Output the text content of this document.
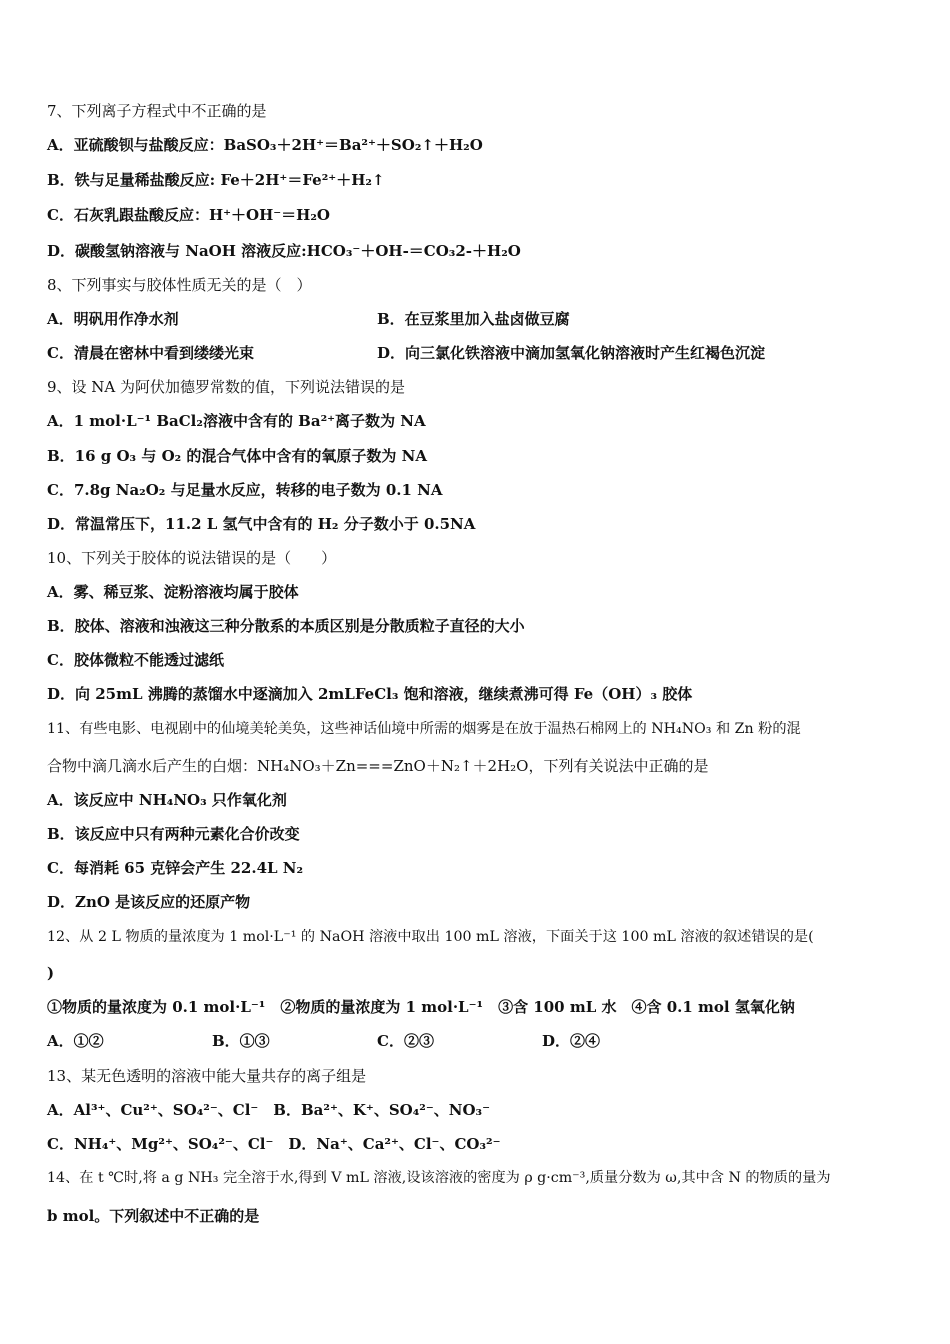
7、下列离子方程式中不正确的是
A．亚硫酸钡与盐酸反应：BaSO₃＋2H⁺＝Ba²⁺＋SO₂↑＋H₂O
B．铁与足量稀盐酸反应: Fe＋2H⁺＝Fe²⁺＋H₂↑
C．石灰乳跟盐酸反应：H⁺＋OH⁻＝H₂O
D．碳酸氢钠溶液与 NaOH 溶液反应:HCO₃⁻＋OH-＝CO₃2-＋H₂O
8、下列事实与胶体性质无关的是（　）
A．明矾用作净水剂	B．在豆浆里加入盐卤做豆腐
C．清晨在密林中看到缕缕光束	D．向三氯化铁溶液中滴加氢氧化钠溶液时产生红褐色沉淀
9、设 NA 为阿伏加德罗常数的值，下列说法错误的是
A．1 mol·L⁻¹ BaCl₂溶液中含有的 Ba²⁺离子数为 NA
B．16 g O₃ 与 O₂ 的混合气体中含有的氧原子数为 NA
C．7.8g Na₂O₂ 与足量水反应，转移的电子数为 0.1 NA
D．常温常压下，11.2 L 氢气中含有的 H₂ 分子数小于 0.5NA
10、下列关于胶体的说法错误的是（　　）
A．雾、稀豆浆、淀粉溶液均属于胶体
B．胶体、溶液和浊液这三种分散系的本质区别是分散质粒子直径的大小
C．胶体微粒不能透过滤纸
D．向 25mL 沸腾的蒸馏水中逐滴加入 2mLFeCl₃ 饱和溶液，继续煮沸可得 Fe（OH）₃ 胶体
11、有些电影、电视剧中的仙境美轮美奂，这些神话仙境中所需的烟雾是在放于温热石棉网上的 NH₄NO₃ 和 Zn 粉的混
合物中滴几滴水后产生的白烟：NH₄NO₃＋Zn===ZnO＋N₂↑＋2H₂O，下列有关说法中正确的是
A．该反应中 NH₄NO₃ 只作氧化剂
B．该反应中只有两种元素化合价改变
C．每消耗 65 克锌会产生 22.4L N₂
D．ZnO 是该反应的还原产物
12、从 2 L 物质的量浓度为 1 mol·L⁻¹ 的 NaOH 溶液中取出 100 mL 溶液，下面关于这 100 mL 溶液的叙述错误的是(
)
①物质的量浓度为 0.1 mol·L⁻¹　②物质的量浓度为 1 mol·L⁻¹　③含 100 mL 水　④含 0.1 mol 氢氧化钠
A．①②	B．①③	C．②③	D．②④
13、某无色透明的溶液中能大量共存的离子组是
A．Al³⁺、Cu²⁺、SO₄²⁻、Cl⁻　B．Ba²⁺、K⁺、SO₄²⁻、NO₃⁻
C．NH₄⁺、Mg²⁺、SO₄²⁻、Cl⁻　D．Na⁺、Ca²⁺、Cl⁻、CO₃²⁻
14、在 t ℃时,将 a g NH₃ 完全溶于水,得到 V mL 溶液,设该溶液的密度为 ρ g·cm⁻³,质量分数为 ω,其中含 N 的物质的量为
b mol。下列叙述中不正确的是
